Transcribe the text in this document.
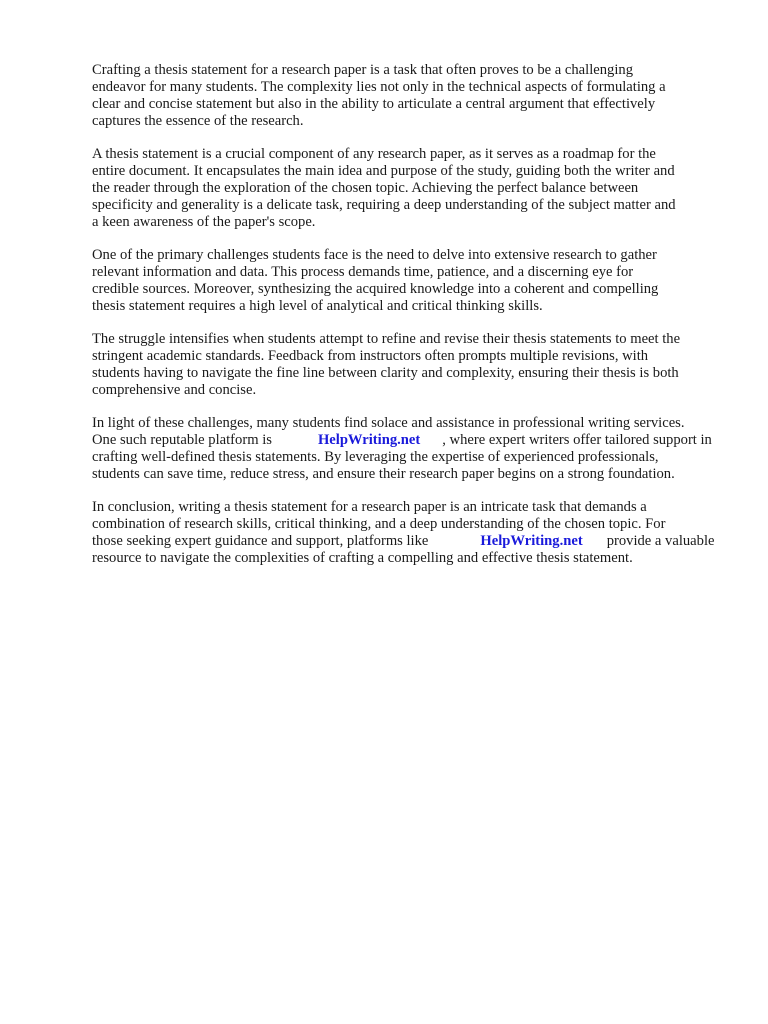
Crafting a thesis statement for a research paper is a task that often proves to be a challenging
endeavor for many students. The complexity lies not only in the technical aspects of formulating a
clear and concise statement but also in the ability to articulate a central argument that effectively
captures the essence of the research.

A thesis statement is a crucial component of any research paper, as it serves as a roadmap for the
entire document. It encapsulates the main idea and purpose of the study, guiding both the writer and
the reader through the exploration of the chosen topic. Achieving the perfect balance between
specificity and generality is a delicate task, requiring a deep understanding of the subject matter and
a keen awareness of the paper's scope.

One of the primary challenges students face is the need to delve into extensive research to gather
relevant information and data. This process demands time, patience, and a discerning eye for
credible sources. Moreover, synthesizing the acquired knowledge into a coherent and compelling
thesis statement requires a high level of analytical and critical thinking skills.

The struggle intensifies when students attempt to refine and revise their thesis statements to meet the
stringent academic standards. Feedback from instructors often prompts multiple revisions, with
students having to navigate the fine line between clarity and complexity, ensuring their thesis is both
comprehensive and concise.

In light of these challenges, many students find solace and assistance in professional writing services.
One such reputable platform is	HelpWriting.net , where expert writers offer tailored support in
crafting well-defined thesis statements. By leveraging the expertise of experienced professionals,
students can save time, reduce stress, and ensure their research paper begins on a strong foundation.

In conclusion, writing a thesis statement for a research paper is an intricate task that demands a
combination of research skills, critical thinking, and a deep understanding of the chosen topic. For
those seeking expert guidance and support, platforms like	HelpWriting.net provide a valuable
resource to navigate the complexities of crafting a compelling and effective thesis statement.
